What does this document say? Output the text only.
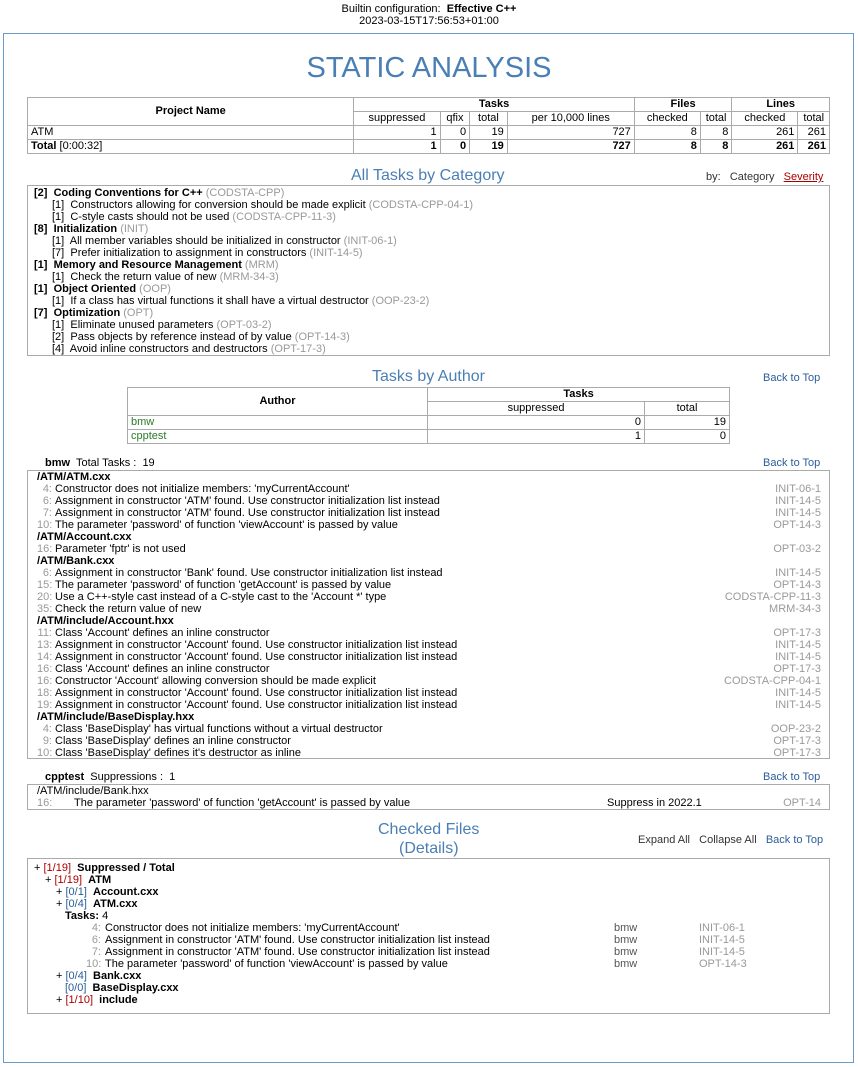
Builtin configuration: Effective C++
2023-03-15T17:56:53+01:00
STATIC ANALYSIS
Project Name	Tasks				Files		Lines	
	suppressed	qfix	total	per 10,000 lines	checked	total	checked	total
ATM	1	0	19	727	8	8	261	261
Total [0:00:32]	1	0	19	727	8	8	261	261
All Tasks by Category	by: Category Severity
[2] Coding Conventions for C++ (CODSTA-CPP)
[1] Constructors allowing for conversion should be made explicit (CODSTA-CPP-04-1)
[1] C-style casts should not be used (CODSTA-CPP-11-3)
[8] Initialization (INIT)
[1] All member variables should be initialized in constructor (INIT-06-1)
[7] Prefer initialization to assignment in constructors (INIT-14-5)
[1] Memory and Resource Management (MRM)
[1] Check the return value of new (MRM-34-3)
[1] Object Oriented (OOP)
[1] If a class has virtual functions it shall have a virtual destructor (OOP-23-2)
[7] Optimization (OPT)
[1] Eliminate unused parameters (OPT-03-2)
[2] Pass objects by reference instead of by value (OPT-14-3)
[4] Avoid inline constructors and destructors (OPT-17-3)
Tasks by Author	Back to Top
Author	Tasks	
	suppressed	total
bmw	0	19
cpptest	1	0
bmw Total Tasks : 19	Back to Top
/ATM/ATM.cxx
4: Constructor does not initialize members: 'myCurrentAccount'	INIT-06-1
6: Assignment in constructor 'ATM' found. Use constructor initialization list instead	INIT-14-5
7: Assignment in constructor 'ATM' found. Use constructor initialization list instead	INIT-14-5
10: The parameter 'password' of function 'viewAccount' is passed by value	OPT-14-3
/ATM/Account.cxx
16: Parameter 'fptr' is not used	OPT-03-2
/ATM/Bank.cxx
6: Assignment in constructor 'Bank' found. Use constructor initialization list instead	INIT-14-5
15: The parameter 'password' of function 'getAccount' is passed by value	OPT-14-3
20: Use a C++-style cast instead of a C-style cast to the 'Account *' type	CODSTA-CPP-11-3
35: Check the return value of new	MRM-34-3
/ATM/include/Account.hxx
11: Class 'Account' defines an inline constructor	OPT-17-3
13: Assignment in constructor 'Account' found. Use constructor initialization list instead	INIT-14-5
14: Assignment in constructor 'Account' found. Use constructor initialization list instead	INIT-14-5
16: Class 'Account' defines an inline constructor	OPT-17-3
16: Constructor 'Account' allowing conversion should be made explicit	CODSTA-CPP-04-1
18: Assignment in constructor 'Account' found. Use constructor initialization list instead	INIT-14-5
19: Assignment in constructor 'Account' found. Use constructor initialization list instead	INIT-14-5
/ATM/include/BaseDisplay.hxx
4: Class 'BaseDisplay' has virtual functions without a virtual destructor	OOP-23-2
9: Class 'BaseDisplay' defines an inline constructor	OPT-17-3
10: Class 'BaseDisplay' defines it's destructor as inline	OPT-17-3
cpptest Suppressions : 1	Back to Top
/ATM/include/Bank.hxx
16: The parameter 'password' of function 'getAccount' is passed by value	Suppress in 2022.1	OPT-14
Checked Files
(Details)	Expand All Collapse All Back to Top
+ [1/19] Suppressed / Total
+ [1/19] ATM
+ [0/1] Account.cxx
+ [0/4] ATM.cxx
Tasks: 4
4: Constructor does not initialize members: 'myCurrentAccount'	bmw	INIT-06-1
6: Assignment in constructor 'ATM' found. Use constructor initialization list instead	bmw	INIT-14-5
7: Assignment in constructor 'ATM' found. Use constructor initialization list instead	bmw	INIT-14-5
10: The parameter 'password' of function 'viewAccount' is passed by value	bmw	OPT-14-3
+ [0/4] Bank.cxx
[0/0] BaseDisplay.cxx
+ [1/10] include
